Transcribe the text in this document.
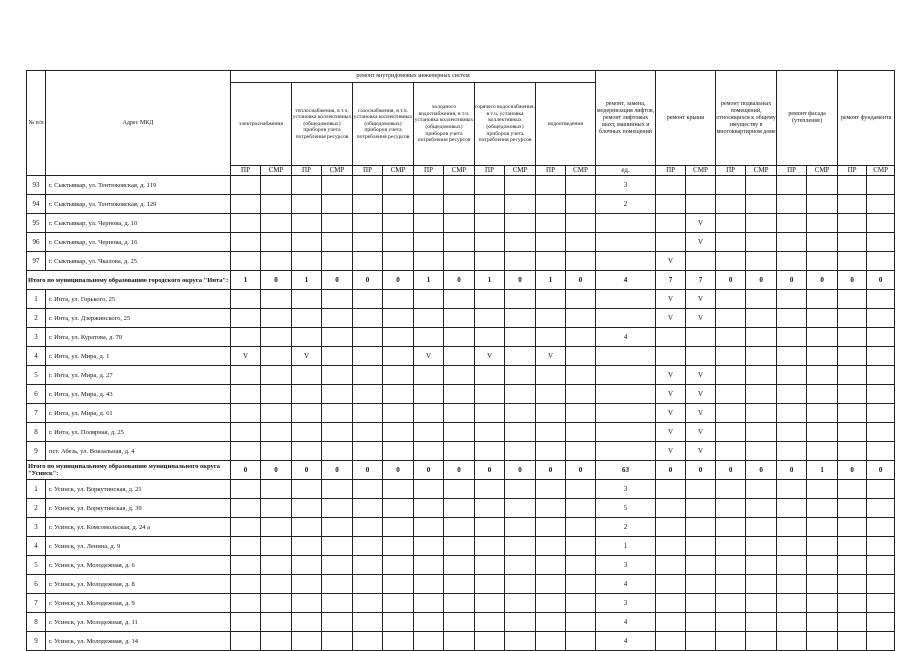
№ п/п	Адрес МКД	ремонт внутридомовых инженерных систем												ремонт, замена, модернизация лифтов, ремонт лифтовых шахт, машинных и блочных помещений	ремонт крыши		ремонт подвальных помещений, относящихся к общему имуществу в многоквартирном доме		ремонт фасада (утепление)		ремонт фундамента	
		электроснабжения		теплоснабжения, в т.ч. установка коллективных (общедомовых) приборов учета потребления ресурсов		газоснабжения, в т.ч. установка коллективных (общедомовых) приборов учета потребления ресурсов		холодного водоснабжения, в т.ч. установка коллективных (общедомовых) приборов учета потребления ресурсов		горячего водоснабжения, в т.ч. установка коллективных (общедомовых) приборов учета потребления ресурсов		водоотведения										
		ПР	СМР	ПР	СМР	ПР	СМР	ПР	СМР	ПР	СМР	ПР	СМР	ед.	ПР	СМР	ПР	СМР	ПР	СМР	ПР	СМР
93	г. Сыктывкар, ул. Тентюковская, д. 119													3								
94	г. Сыктывкар, ул. Тентюковская, д. 129													2								
95	г. Сыктывкар, ул. Чернова, д. 10															V						
96	г. Сыктывкар, ул. Чернова, д. 16															V						
97	г. Сыктывкар, ул. Чкалова, д. 25														V							
Итого по муниципальному образованию городского округа "Инта":		1	0	1	0	0	0	1	0	1	0	1	0	4	7	7	0	0	0	0	0	0
1	г. Инта, ул. Горького, 25														V	V						
2	г. Инта, ул. Дзержинского, 25														V	V						
3	г. Инта, ул. Куратова, д. 70													4								
4	г. Инта, ул. Мира, д. 1	V		V				V		V		V										
5	г. Инта, ул. Мира, д. 27														V	V						
6	г. Инта, ул. Мира, д. 43														V	V						
7	г. Инта, ул. Мира, д. 61														V	V						
8	г. Инта, ул. Полярная, д. 25														V	V						
9	пст. Абезь, ул. Вокзальная, д. 4														V	V						
Итого по муниципальному образованию муниципального округа "Усинск":		0	0	0	0	0	0	0	0	0	0	0	0	63	0	0	0	0	0	1	0	0
1	г. Усинск, ул. Воркутинская, д. 21													3								
2	г. Усинск, ул. Воркутинская, д. 39													5								
3	г. Усинск, ул. Комсомольская, д. 24 а													2								
4	г. Усинск, ул. Ленина, д. 9													1								
5	г. Усинск, ул. Молодежная, д. 6													3								
6	г. Усинск, ул. Молодежная, д. 8													4								
7	г. Усинск, ул. Молодежная, д. 9													3								
8	г. Усинск, ул. Молодежная, д. 11													4								
9	г. Усинск, ул. Молодежная, д. 14													4								
